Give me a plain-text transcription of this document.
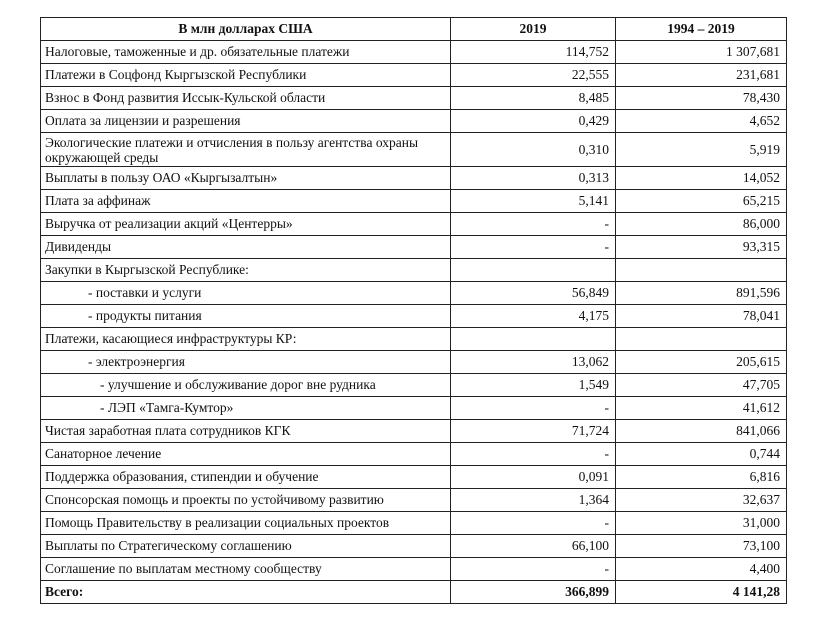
В млн долларах США	2019	1994 – 2019
Налоговые, таможенные и др. обязательные платежи	114,752	1 307,681
Платежи в Соцфонд Кыргызской Республики	22,555	231,681
Взнос в Фонд развития Иссык-Кульской области	8,485	78,430
Оплата за лицензии и разрешения	0,429	4,652
Экологические платежи и отчисления в пользу агентства охраны окружающей среды	0,310	5,919
Выплаты в пользу ОАО «Кыргызалтын»	0,313	14,052
Плата за аффинаж	5,141	65,215
Выручка от реализации акций «Центерры»	-	86,000
Дивиденды	-	93,315
Закупки в Кыргызской Республике:		
- поставки и услуги	56,849	891,596
- продукты питания	4,175	78,041
Платежи, касающиеся инфраструктуры КР:		
- электроэнергия	13,062	205,615
- улучшение и обслуживание дорог вне рудника	1,549	47,705
- ЛЭП «Тамга-Кумтор»	-	41,612
Чистая заработная плата сотрудников КГК	71,724	841,066
Санаторное лечение	-	0,744
Поддержка образования, стипендии и обучение	0,091	6,816
Спонсорская помощь и проекты по устойчивому развитию	1,364	32,637
Помощь Правительству в реализации социальных проектов	-	31,000
Выплаты по Стратегическому соглашению	66,100	73,100
Соглашение по выплатам местному сообществу	-	4,400
Всего:	366,899	4 141,28
